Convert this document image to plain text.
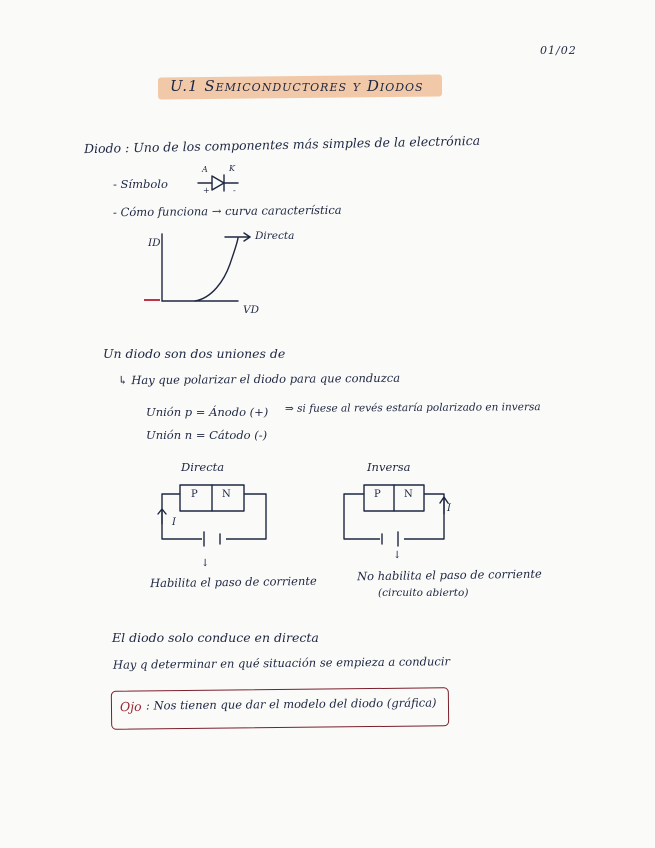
01/02
U.1 Semiconductores y Diodos
Diodo : Uno de los componentes más simples de la electrónica
- Símbolo
A	K
+	-
- Cómo funciona → curva característica
ID
VD
Directa
Un diodo son dos uniones de
↳ Hay que polarizar el diodo para que conduzca
Unión p = Ánodo (+)
Unión n = Cátodo (-)
⇒ si fuese al revés estaría polarizado en inversa
Directa
P N
I
↓
Habilita el paso de corriente
Inversa
P N
I
↓
No habilita el paso de corriente
(circuito abierto)
El diodo solo conduce en directa
Hay q determinar en qué situación se empieza a conducir
Ojo : Nos tienen que dar el modelo del diodo (gráfica)
